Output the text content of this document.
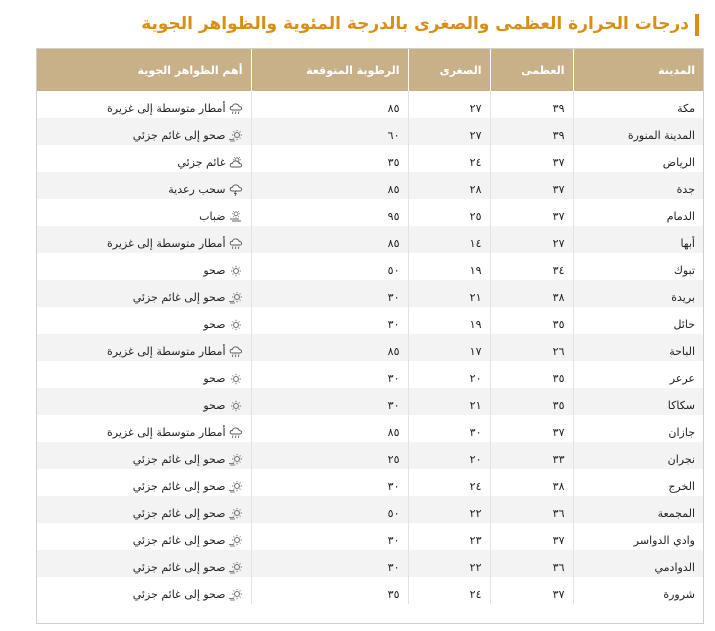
درجات الحرارة العظمى والصغرى بالدرجة المئوية والظواهر الجوية
المدينة	العظمى	الصغرى	الرطوبة المتوقعة	أهم الظواهر الجوية
مكة	٣٩	٢٧	٨٥	أمطار متوسطة إلى غزيرة
المدينة المنورة	٣٩	٢٧	٦٠	صحو إلى غائم جزئي
الرياض	٣٧	٢٤	٣٥	غائم جزئي
جدة	٣٧	٢٨	٨٥	سحب رعدية
الدمام	٣٧	٢٥	٩٥	ضباب
أبها	٢٧	١٤	٨٥	أمطار متوسطة إلى غزيرة
تبوك	٣٤	١٩	٥٠	صحو
بريدة	٣٨	٢١	٣٠	صحو إلى غائم جزئي
حائل	٣٥	١٩	٣٠	صحو
الباحة	٢٦	١٧	٨٥	أمطار متوسطة إلى غزيرة
عرعر	٣٥	٢٠	٣٠	صحو
سكاكا	٣٥	٢١	٣٠	صحو
جازان	٣٧	٣٠	٨٥	أمطار متوسطة إلى غزيرة
نجران	٣٣	٢٠	٢٥	صحو إلى غائم جزئي
الخرج	٣٨	٢٤	٣٠	صحو إلى غائم جزئي
المجمعة	٣٦	٢٢	٥٠	صحو إلى غائم جزئي
وادي الدواسر	٣٧	٢٣	٣٠	صحو إلى غائم جزئي
الدوادمي	٣٦	٢٢	٣٠	صحو إلى غائم جزئي
شرورة	٣٧	٢٤	٣٥	صحو إلى غائم جزئي
